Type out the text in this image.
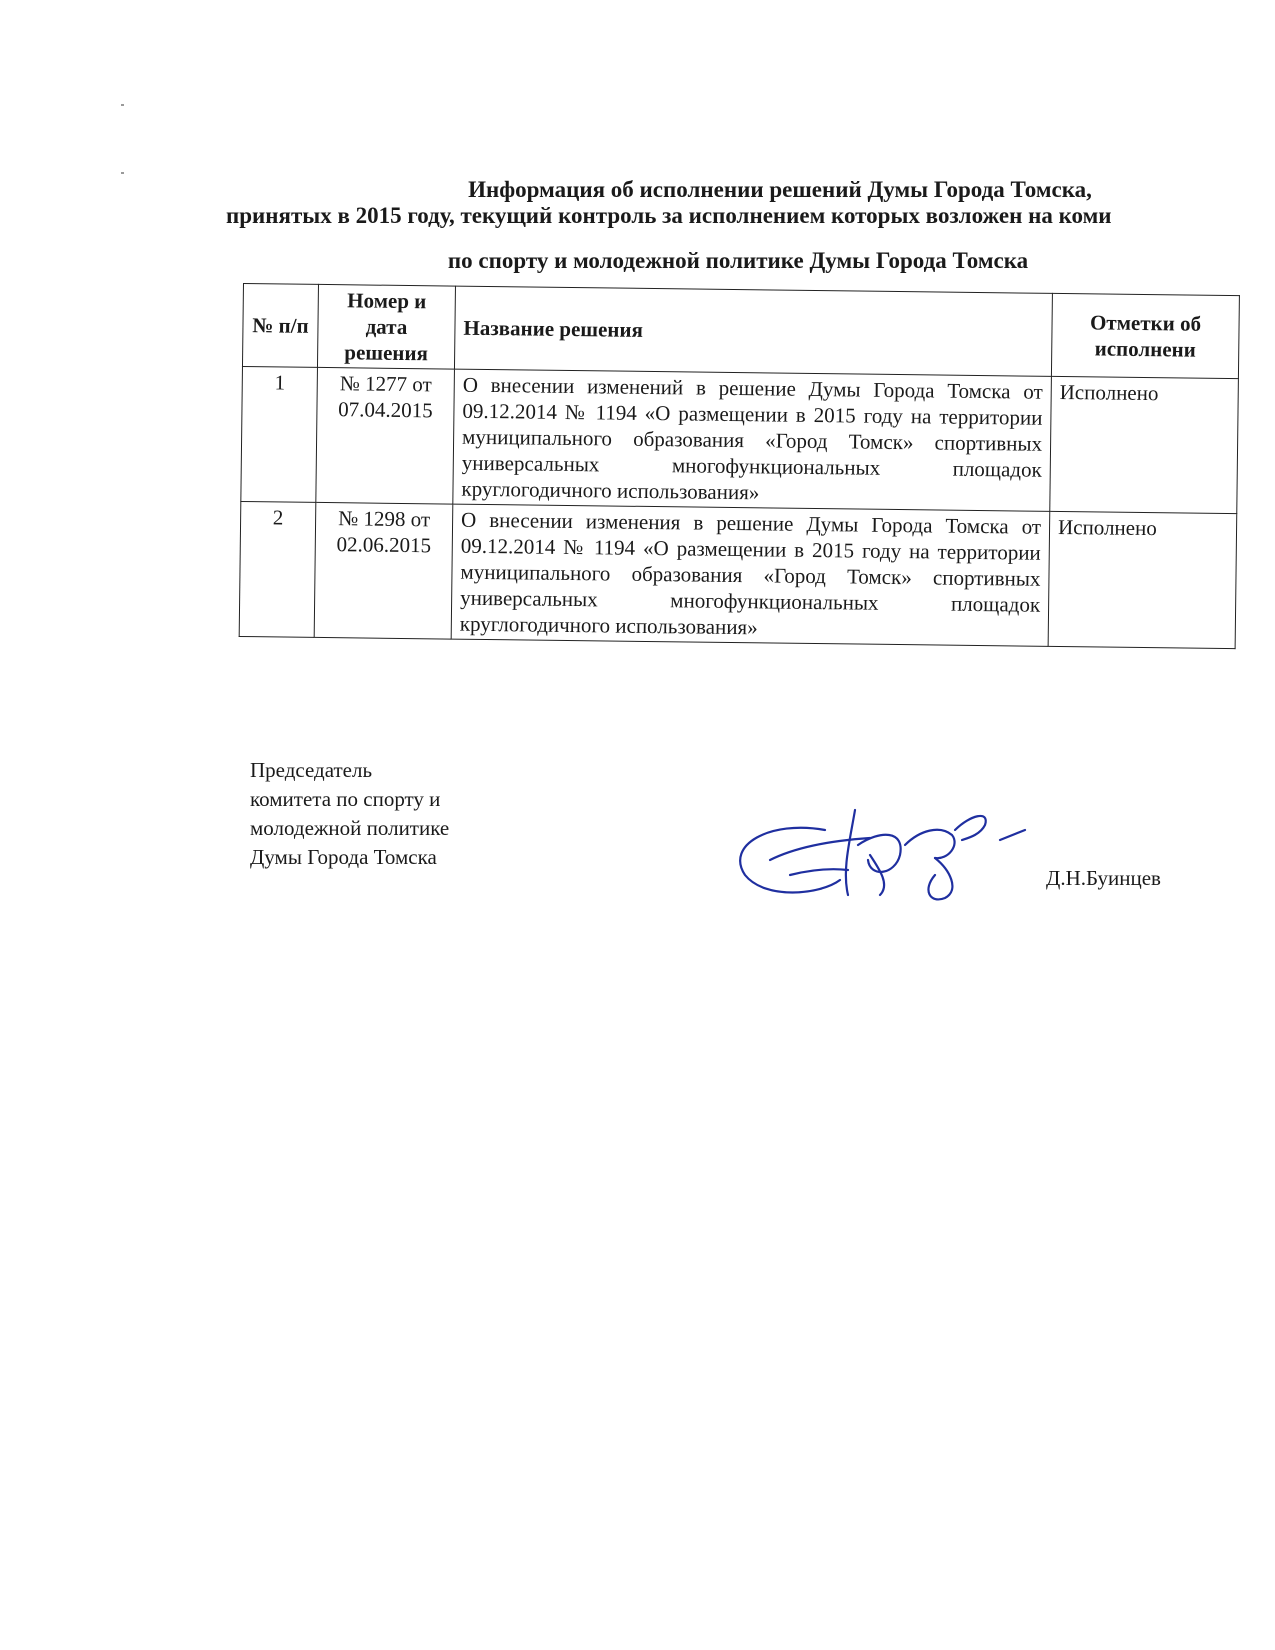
Информация об исполнении решений Думы Города Томска,
принятых в 2015 году, текущий контроль за исполнением которых возложен на коми
по спорту и молодежной политике Думы Города Томска
№ п/п	Номер и дата решения	Название решения	Отметки об исполнени
1	№ 1277 от 07.04.2015	О внесении изменений в решение Думы Города Томска от 09.12.2014 № 1194 «О размещении в 2015 году на территории муниципального образования «Город Томск» спортивных универсальных многофункциональных площадок круглогодичного использования»	Исполнено
2	№ 1298 от 02.06.2015	О внесении изменения в решение Думы Города Томска от 09.12.2014 № 1194 «О размещении в 2015 году на территории муниципального образования «Город Томск» спортивных универсальных многофункциональных площадок круглогодичного использования»	Исполнено
Председатель
комитета по спорту и
молодежной политике
Думы Города Томска
Д.Н.Буинцев
